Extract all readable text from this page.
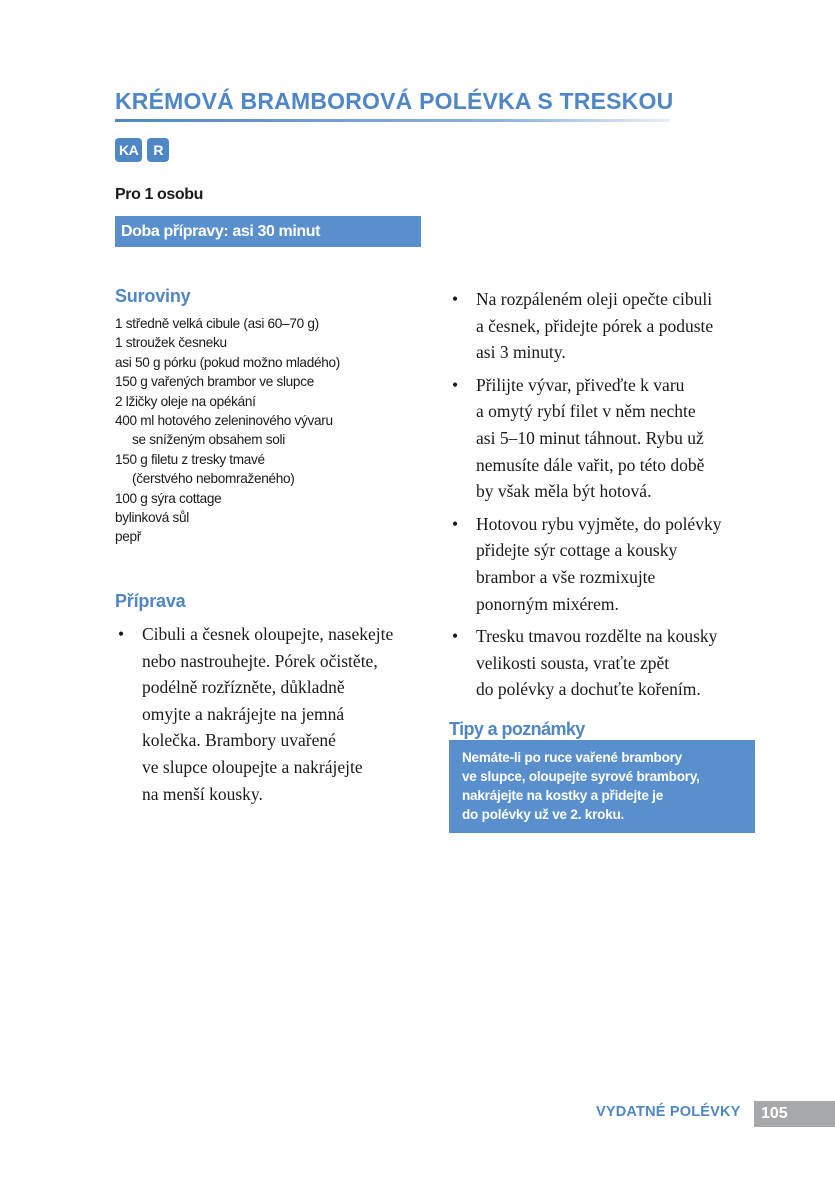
KRÉMOVÁ BRAMBOROVÁ POLÉVKA S TRESKOU
KA	R
Pro 1 osobu
Doba přípravy: asi 30 minut
Suroviny
1 středně velká cibule (asi 60–70 g)
1 stroužek česneku
asi 50 g pórku (pokud možno mladého)
150 g vařených brambor ve slupce
2 lžičky oleje na opékání
400 ml hotového zeleninového vývaru
se sníženým obsahem soli
150 g filetu z tresky tmavé
(čerstvého nebomraženého)
100 g sýra cottage
bylinková sůl
pepř
Příprava
• Cibuli a česnek oloupejte, nasekejte
nebo nastrouhejte. Pórek očistěte,
podélně rozřízněte, důkladně
omyjte a nakrájejte na jemná
kolečka. Brambory uvařené
ve slupce oloupejte a nakrájejte
na menší kousky.
• Na rozpáleném oleji opečte cibuli
a česnek, přidejte pórek a poduste
asi 3 minuty.
• Přilijte vývar, přiveďte k varu
a omytý rybí filet v něm nechte
asi 5–10 minut táhnout. Rybu už
nemusíte dále vařit, po této době
by však měla být hotová.
• Hotovou rybu vyjměte, do polévky
přidejte sýr cottage a kousky
brambor a vše rozmixujte
ponorným mixérem.
• Tresku tmavou rozdělte na kousky
velikosti sousta, vraťte zpět
do polévky a dochuťte kořením.
Tipy a poznámky
Nemáte-li po ruce vařené brambory
ve slupce, oloupejte syrové brambory,
nakrájejte na kostky a přidejte je
do polévky už ve 2. kroku.
VYDATNÉ POLÉVKY	105
